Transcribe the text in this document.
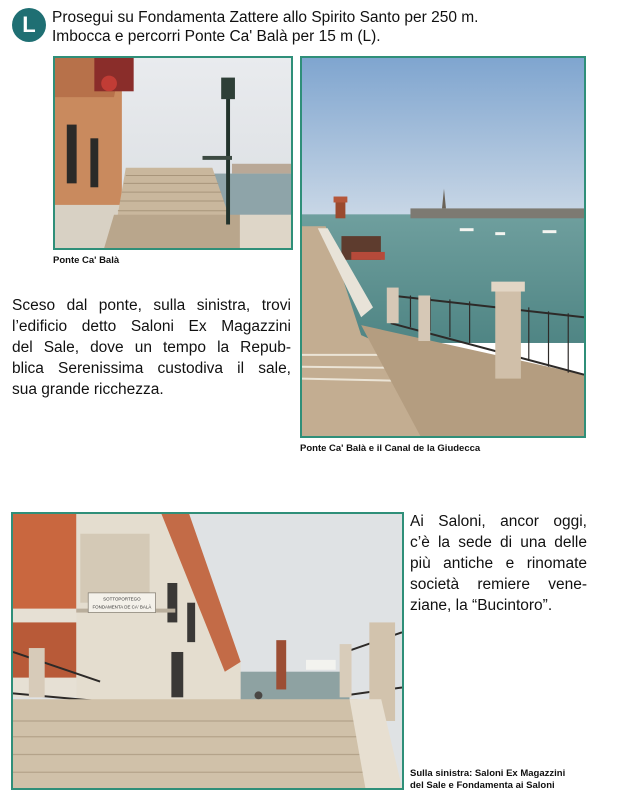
L	Prosegui su Fondamenta Zattere allo Spirito Santo per 250 m.
Imbocca e percorri Ponte Ca' Balà per 15 m (L).
Ponte Ca' Balà
Ponte Ca' Balà e il Canal de la Giudecca
Sceso dal ponte, sulla sinistra, trovi
l’edificio detto Saloni Ex Magazzini
del Sale, dove un tempo la Repub-
blica Serenissima custodiva il sale,
sua grande ricchezza.
SOTTOPORTEGO
FONDAMENTA DE CA' BALÀ
Sulla sinistra: Saloni Ex Magazzini
del Sale e Fondamenta ai Saloni
Ai Saloni, ancor oggi,
c’è la sede di una delle
più antiche e rinomate
società remiere vene-
ziane, la “Bucintoro”.
